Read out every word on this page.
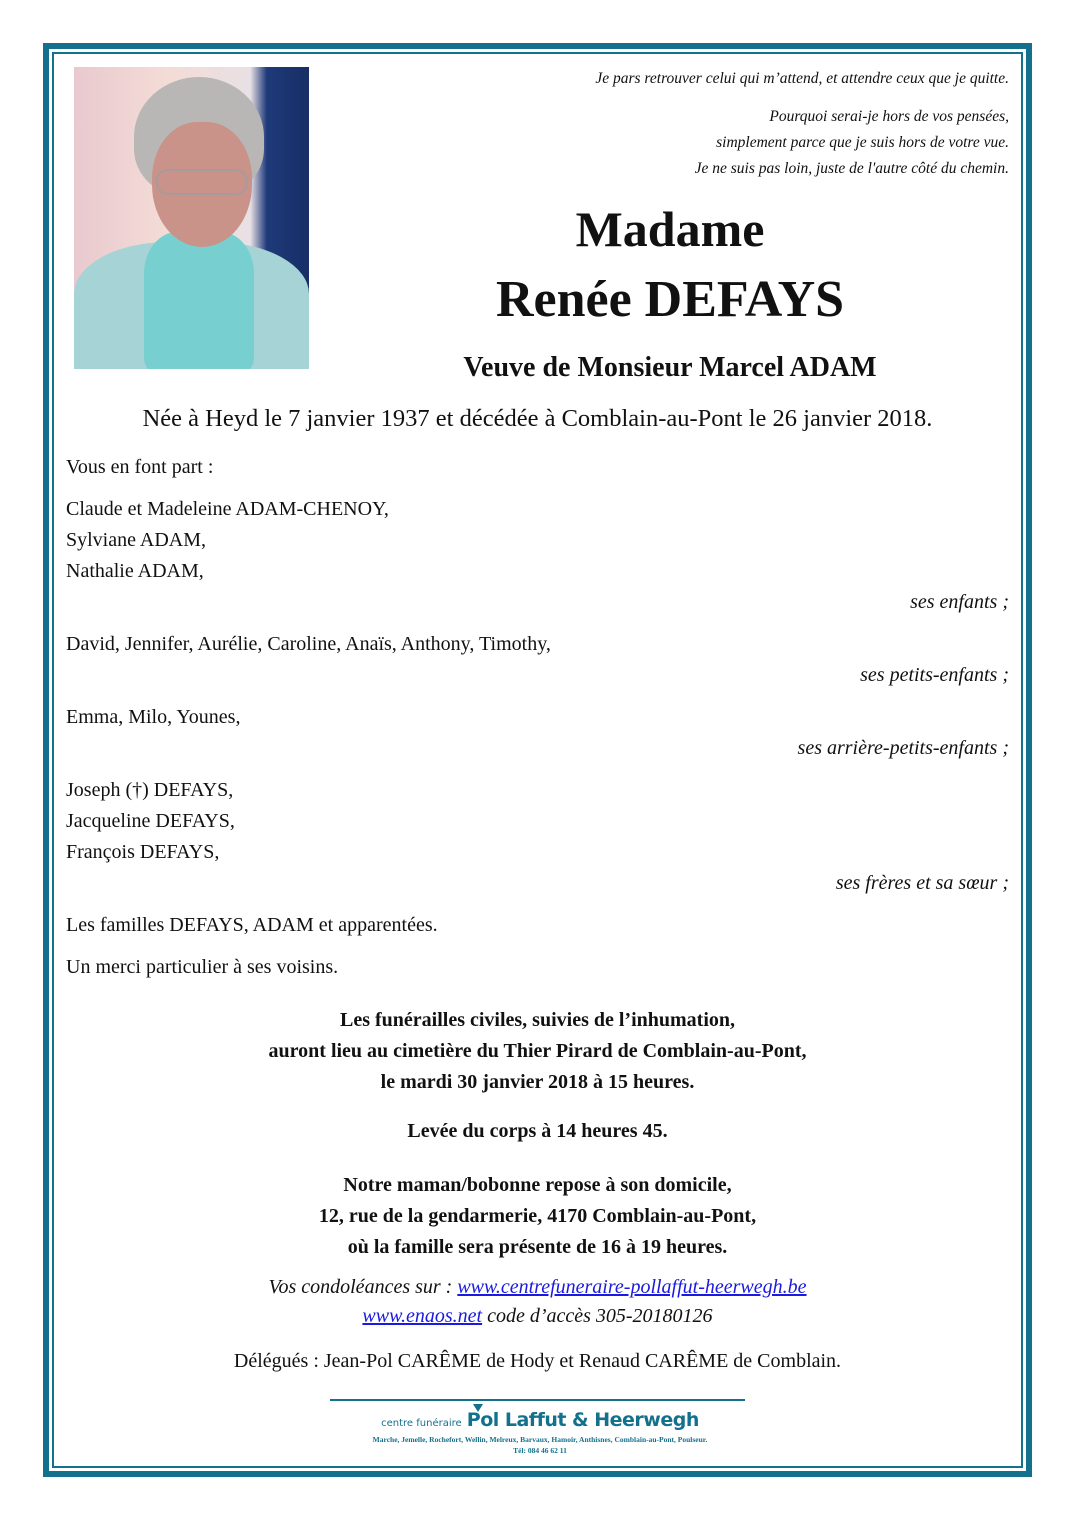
Je pars retrouver celui qui m’attend, et attendre ceux que je quitte.
Pourquoi serai-je hors de vos pensées,
simplement parce que je suis hors de votre vue.
Je ne suis pas loin, juste de l'autre côté du chemin.
Madame
Renée DEFAYS
Veuve de Monsieur Marcel ADAM
Née à Heyd le 7 janvier 1937 et décédée à Comblain-au-Pont le 26 janvier 2018.
Vous en font part :
Claude et Madeleine ADAM-CHENOY,
Sylviane ADAM,
Nathalie ADAM,
ses enfants ;
David, Jennifer, Aurélie, Caroline, Anaïs, Anthony, Timothy,
ses petits-enfants ;
Emma, Milo, Younes,
ses arrière-petits-enfants ;
Joseph (†) DEFAYS,
Jacqueline DEFAYS,
François DEFAYS,
ses frères et sa sœur ;
Les familles DEFAYS, ADAM et apparentées.
Un merci particulier à ses voisins.
Les funérailles civiles, suivies de l’inhumation,
auront lieu au cimetière du Thier Pirard de Comblain-au-Pont,
le mardi 30 janvier 2018 à 15 heures.
Levée du corps à 14 heures 45.
Notre maman/bobonne repose à son domicile,
12, rue de la gendarmerie, 4170 Comblain-au-Pont,
où la famille sera présente de 16 à 19 heures.
Vos condoléances sur : www.centrefuneraire-pollaffut-heerwegh.be
www.enaos.net code d’accès 305-20180126
Délégués : Jean-Pol CARÊME de Hody et Renaud CARÊME de Comblain.
centre funéraire Pol Laffut & Heerwegh
Marche, Jemelle, Rochefort, Wellin, Melreux, Barvaux, Hamoir, Anthisnes, Comblain-au-Pont, Poulseur.
Tél: 084 46 62 11
